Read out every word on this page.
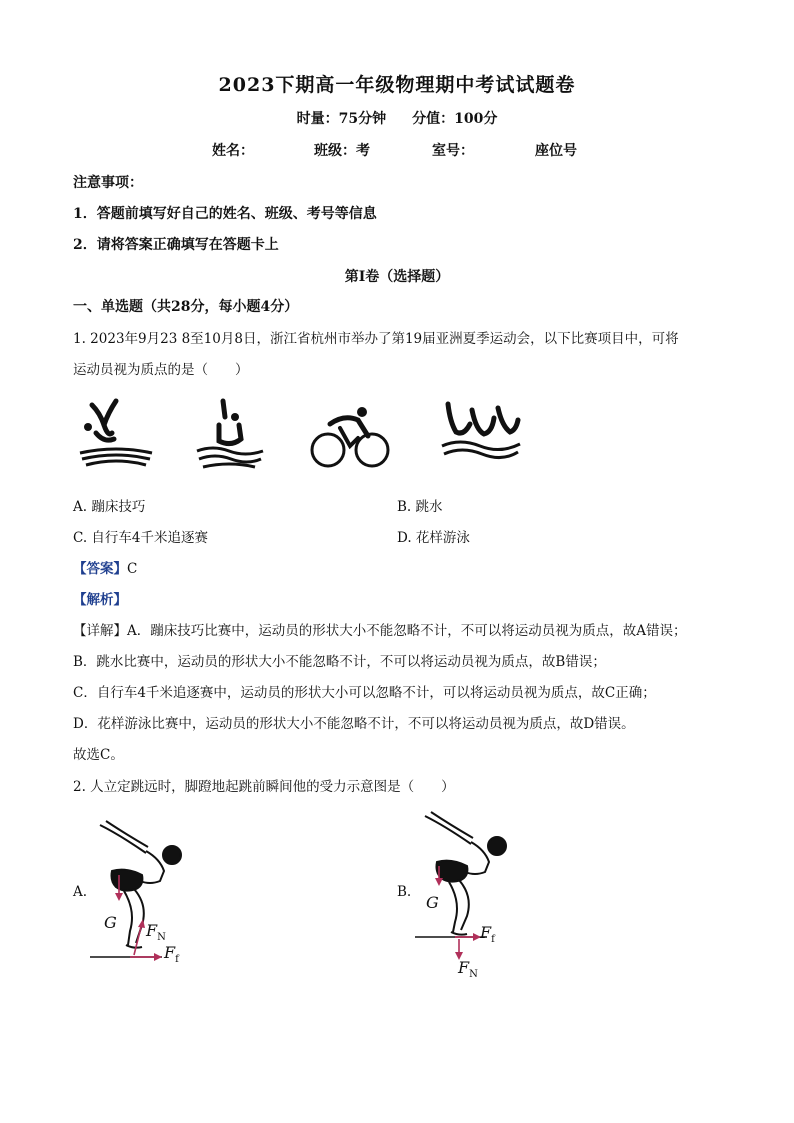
2023下期高一年级物理期中考试试题卷
时量：75分钟 分值：100分
姓名：	班级：考	室号：	座位号
注意事项：
1．答题前填写好自己的姓名、班级、考号等信息
2．请将答案正确填写在答题卡上
第Ⅰ卷（选择题）
一、单选题（共28分，每小题4分）
1. 2023年9月23 8至10月8日，浙江省杭州市举办了第19届亚洲夏季运动会，以下比赛项目中，可将
运动员视为质点的是（　　）
A. 蹦床技巧	B. 跳水
C. 自行车4千米追逐赛	D. 花样游泳
【答案】C
【解析】
【详解】A．蹦床技巧比赛中，运动员的形状大小不能忽略不计，不可以将运动员视为质点，故A错误；
B．跳水比赛中，运动员的形状大小不能忽略不计，不可以将运动员视为质点，故B错误；
C．自行车4千米追逐赛中，运动员的形状大小可以忽略不计，可以将运动员视为质点，故C正确；
D．花样游泳比赛中，运动员的形状大小不能忽略不计，不可以将运动员视为质点，故D错误。
故选C。
2. 人立定跳远时，脚蹬地起跳前瞬间他的受力示意图是（　　）
A.	B.
G $F_N$
$F_f$
G
$F_f$
$F_N$
